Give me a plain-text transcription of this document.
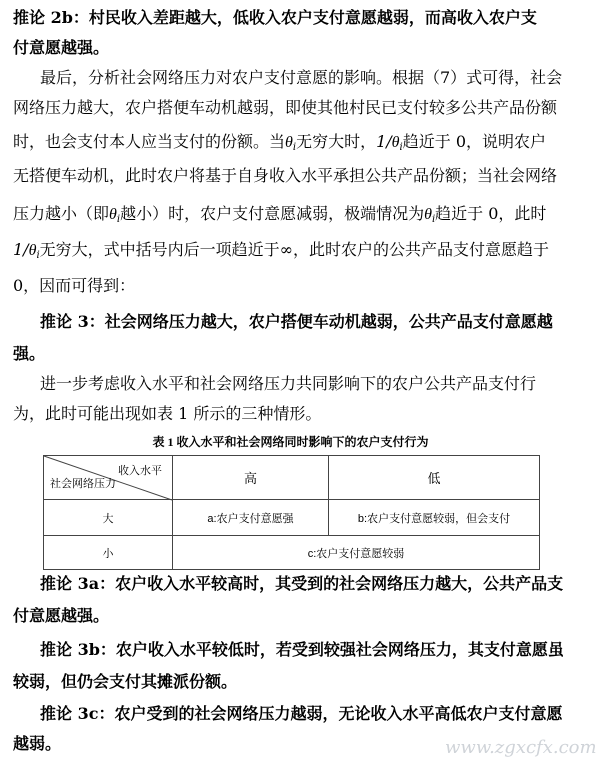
推论 2b：村民收入差距越大，低收入农户支付意愿越弱，而高收入农户支
付意愿越强。
最后，分析社会网络压力对农户支付意愿的影响。根据（7）式可得，社会
网络压力越大，农户搭便车动机越弱，即使其他村民已支付较多公共产品份额
时，也会支付本人应当支付的份额。当$\theta_i$无穷大时，$1/\theta_i$趋近于 0，说明农户
无搭便车动机，此时农户将基于自身收入水平承担公共产品份额；当社会网络
压力越小（即$\theta_i$越小）时，农户支付意愿减弱，极端情况为$\theta_i$趋近于 0，此时
$1/\theta_i$无穷大，式中括号内后一项趋近于∞，此时农户的公共产品支付意愿趋于
0，因而可得到：
推论 3：社会网络压力越大，农户搭便车动机越弱，公共产品支付意愿越
强。
进一步考虑收入水平和社会网络压力共同影响下的农户公共产品支付行
为，此时可能出现如表 1 所示的三种情形。
表 1 收入水平和社会网络同时影响下的农户支付行为
收入水平
社会网络压力	高	低
大	a:农户支付意愿强	b:农户支付意愿较弱，但会支付
小	c:农户支付意愿较弱	
推论 3a：农户收入水平较高时，其受到的社会网络压力越大，公共产品支
付意愿越强。
推论 3b：农户收入水平较低时，若受到较强社会网络压力，其支付意愿虽
较弱，但仍会支付其摊派份额。
推论 3c：农户受到的社会网络压力越弱，无论收入水平高低农户支付意愿
越弱。	www.zgxcfx.com
